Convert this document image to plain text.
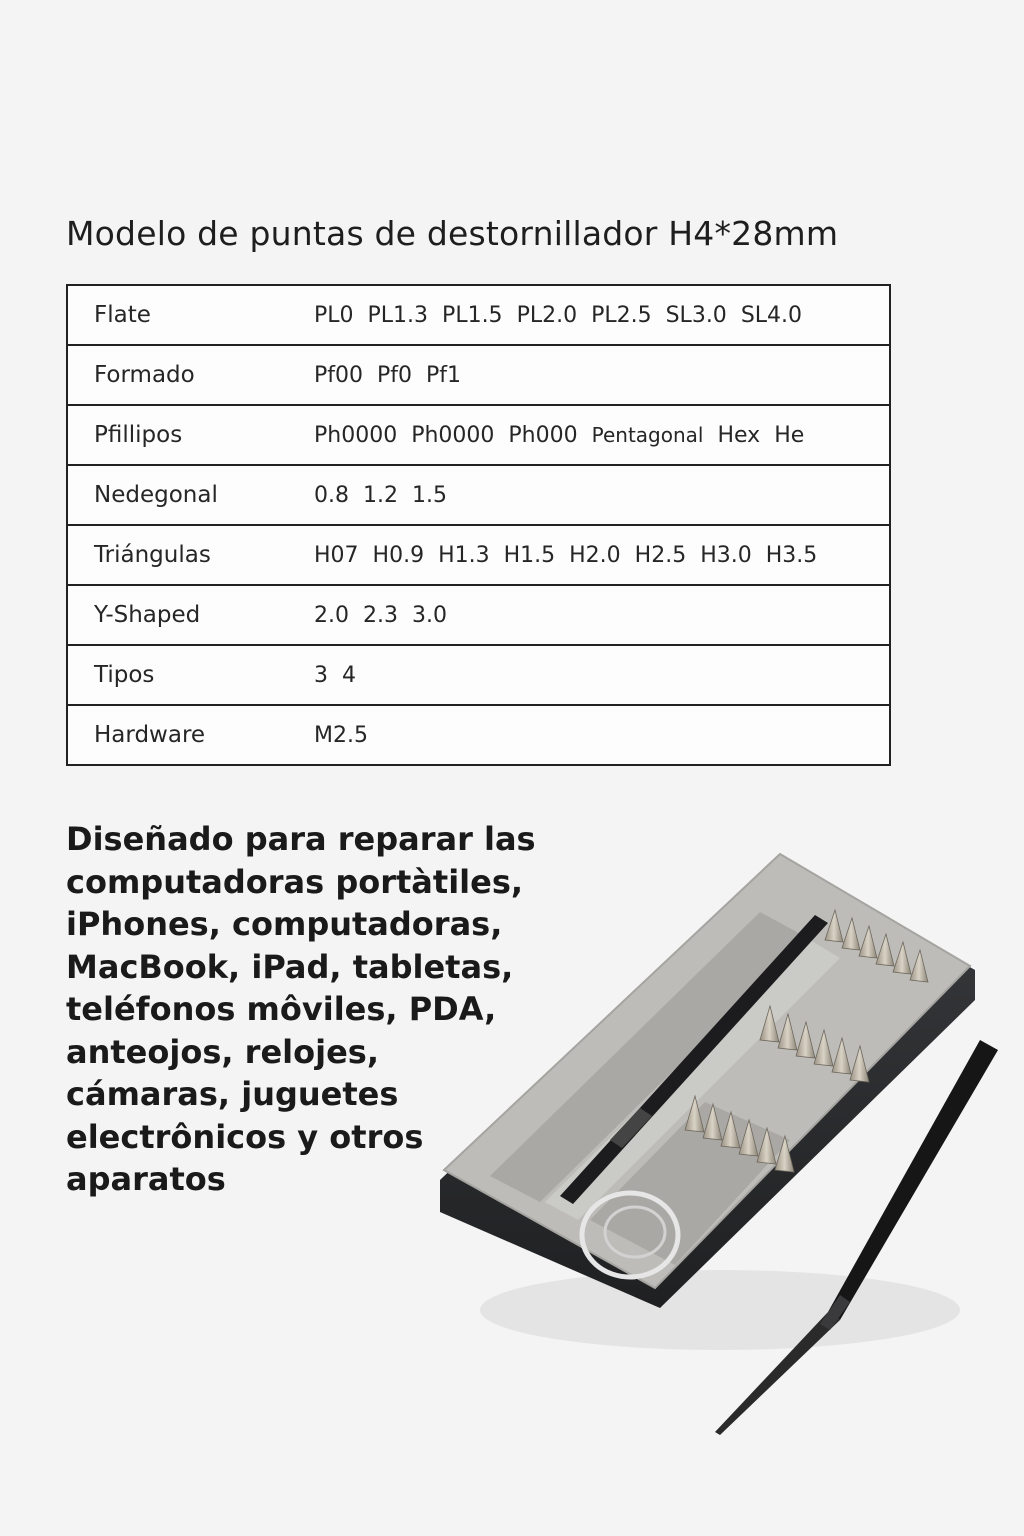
Modelo de puntas de destornillador H4*28mm
Flate	PL0 PL1.3 PL1.5 PL2.0 PL2.5 SL3.0 SL4.0
Formado	Pf00 Pf0 Pf1
Pfillipos	Ph0000 Ph0000 Ph000 Pentagonal Hex He
Nedegonal	0.8 1.2 1.5
Triángulas	H07 H0.9 H1.3 H1.5 H2.0 H2.5 H3.0 H3.5
Y-Shaped	2.0 2.3 3.0
Tipos	3 4
Hardware	M2.5
Diseñado para reparar las
computadoras portàtiles,
iPhones, computadoras,
MacBook, iPad, tabletas,
teléfonos môviles, PDA,
anteojos, relojes,
cámaras, juguetes
electrônicos y otros
aparatos
